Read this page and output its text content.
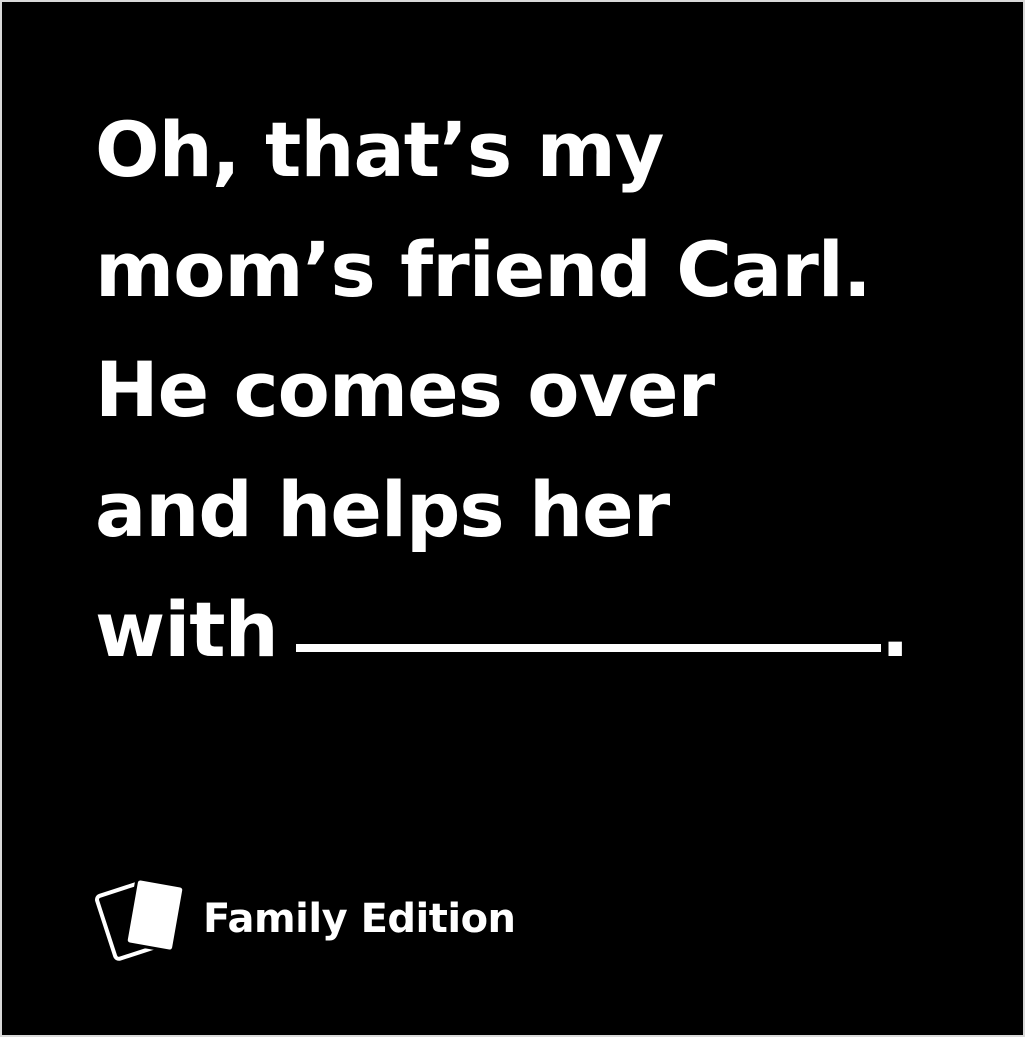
Oh, that’s my
mom’s friend Carl.
He comes over
and helps her
with	.

Family Edition
